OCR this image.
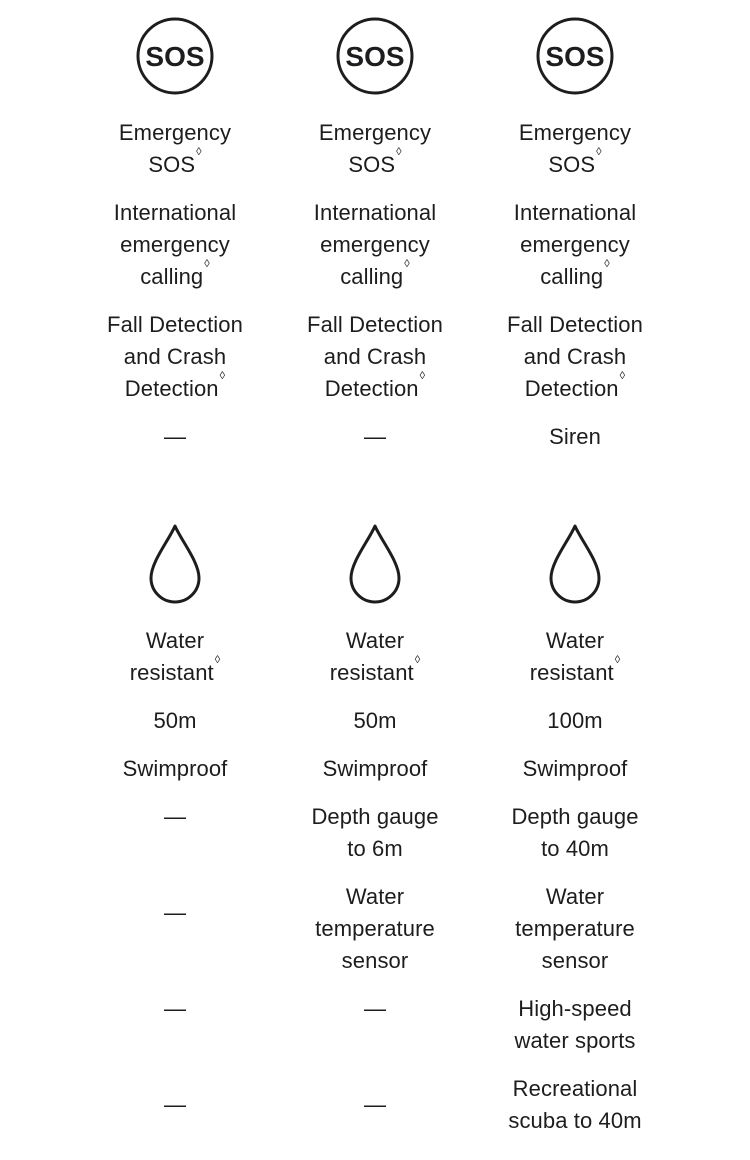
SOS
Emergency
SOS◊
International
emergency
calling◊
Fall Detection
and Crash
Detection◊
—
Water
resistant◊
50m
Swimproof
—
—
—
—
SOS
Emergency
SOS◊
International
emergency
calling◊
Fall Detection
and Crash
Detection◊
—
Water
resistant◊
50m
Swimproof
Depth gauge
to 6m
Water
temperature
sensor
—
—
SOS
Emergency
SOS◊
International
emergency
calling◊
Fall Detection
and Crash
Detection◊
Siren
Water
resistant◊
100m
Swimproof
Depth gauge
to 40m
Water
temperature
sensor
High-speed
water sports
Recreational
scuba to 40m
